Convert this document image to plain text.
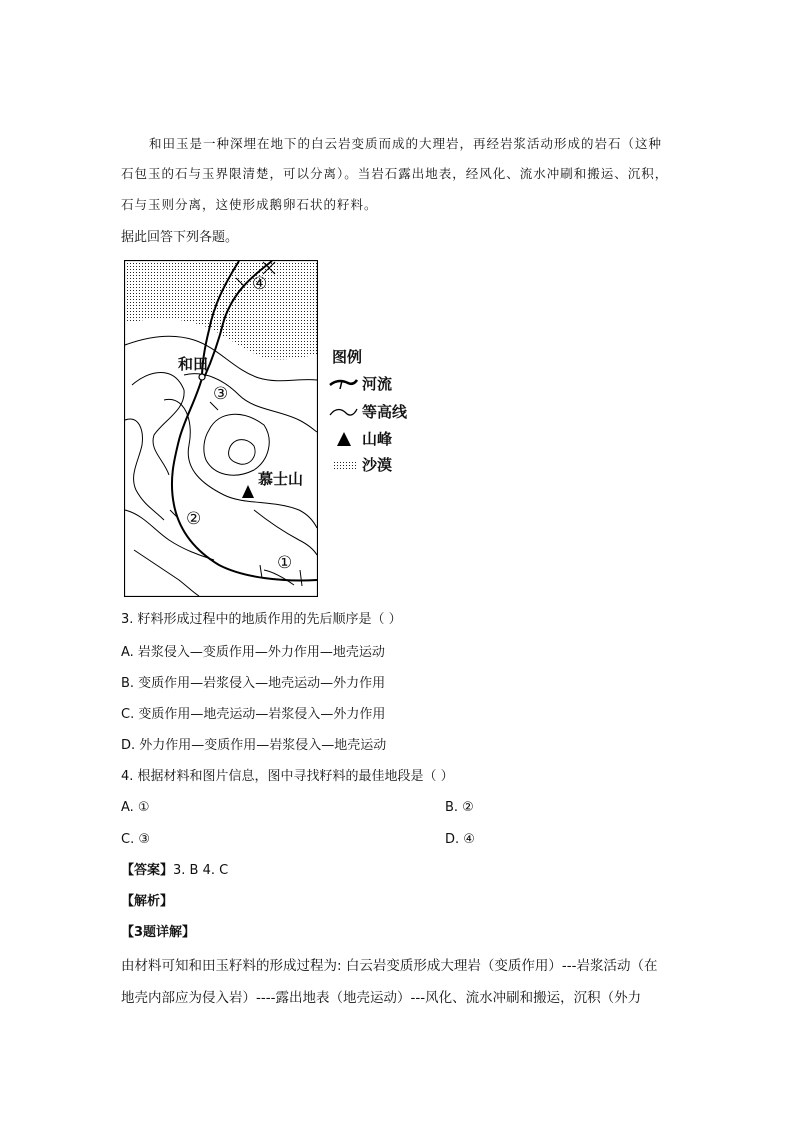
和田玉是一种深埋在地下的白云岩变质而成的大理岩，再经岩浆活动形成的岩石（这种
石包玉的石与玉界限清楚，可以分离）。当岩石露出地表，经风化、流水冲刷和搬运、沉积，
石与玉则分离，这使形成鹅卵石状的籽料。
据此回答下列各题。
和田
③
④
②
①
慕士山
图例
河流
等高线
山峰
沙漠
3. 籽料形成过程中的地质作用的先后顺序是（ ）
A. 岩浆侵入—变质作用—外力作用—地壳运动
B. 变质作用—岩浆侵入—地壳运动—外力作用
C. 变质作用—地壳运动—岩浆侵入—外力作用
D. 外力作用—变质作用—岩浆侵入—地壳运动
4. 根据材料和图片信息，图中寻找籽料的最佳地段是（ ）
A. ①	B. ②
C. ③	D. ④
【答案】3. B 4. C
【解析】
【3题详解】
由材料可知和田玉籽料的形成过程为: 白云岩变质形成大理岩（变质作用）---岩浆活动（在
地壳内部应为侵入岩）----露出地表（地壳运动）---风化、流水冲刷和搬运，沉积（外力
